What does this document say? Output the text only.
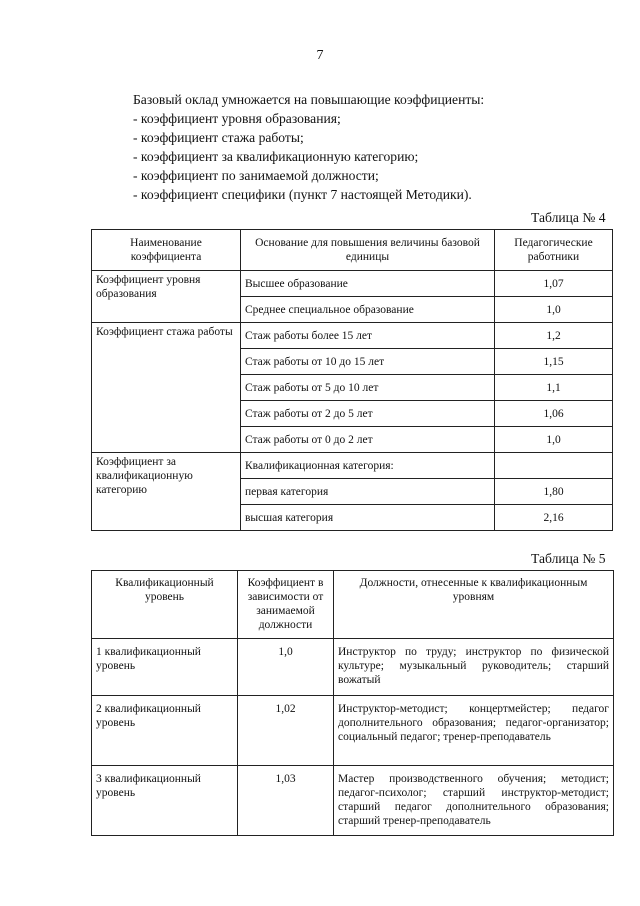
7
Базовый оклад умножается на повышающие коэффициенты:
- коэффициент уровня образования;
- коэффициент стажа работы;
- коэффициент за квалификационную категорию;
- коэффициент по занимаемой должности;
- коэффициент специфики (пункт 7 настоящей Методики).
Таблица № 4
Наименование коэффициента	Основание для повышения величины базовой единицы	Педагогические работники
Коэффициент уровня образования	Высшее образование	1,07
	Среднее специальное образование	1,0
Коэффициент стажа работы	Стаж работы более 15 лет	1,2
	Стаж работы от 10 до 15 лет	1,15
	Стаж работы от 5 до 10 лет	1,1
	Стаж работы от 2 до 5 лет	1,06
	Стаж работы от 0 до 2 лет	1,0
Коэффициент за квалификационную категорию	Квалификационная категория:	
	первая категория	1,80
	высшая категория	2,16
Таблица № 5
Квалификационный уровень	Коэффициент в зависимости от занимаемой должности	Должности, отнесенные к квалификационным уровням
1 квалификационный уровень	1,0	Инструктор по труду; инструктор по физической культуре; музыкальный руководитель; старший вожатый
2 квалификационный уровень	1,02	Инструктор-методист; концертмейстер; педагог дополнительного образования; педагог-организатор; социальный педагог; тренер-преподаватель
3 квалификационный уровень	1,03	Мастер производственного обучения; методист; педагог-психолог; старший инструктор-методист; старший педагог дополнительного образования; старший тренер-преподаватель
